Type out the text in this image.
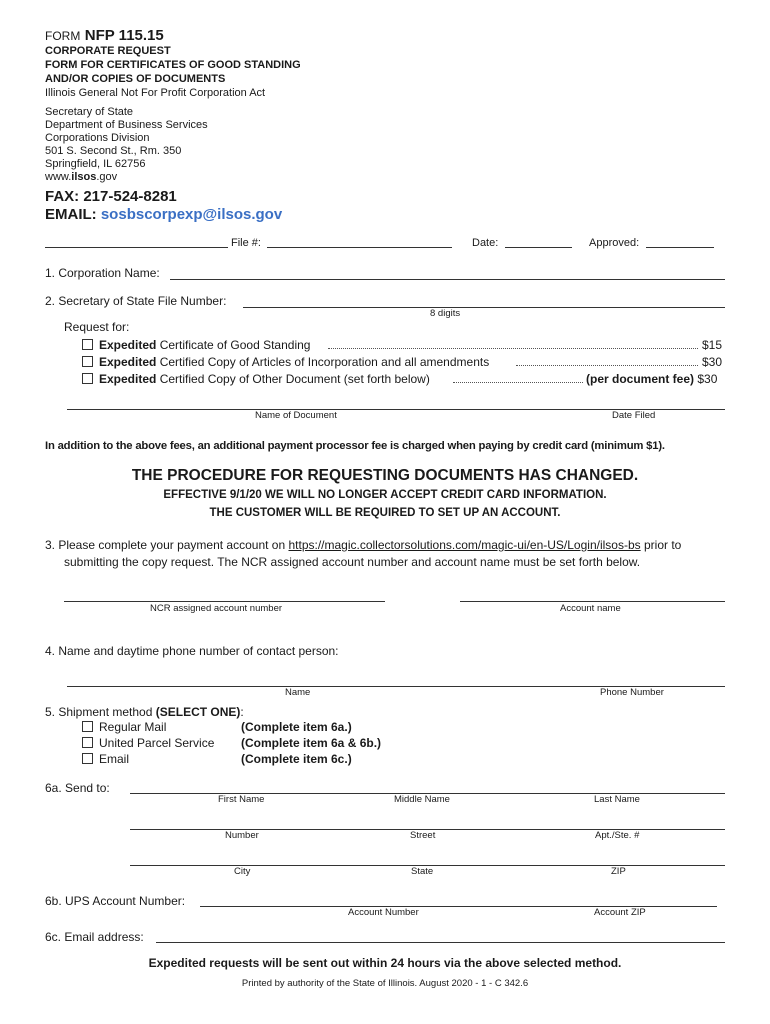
FORM NFP 115.15
CORPORATE REQUEST
FORM FOR CERTIFICATES OF GOOD STANDING
AND/OR COPIES OF DOCUMENTS
Illinois General Not For Profit Corporation Act
Secretary of State
Department of Business Services
Corporations Division
501 S. Second St., Rm. 350
Springfield, IL 62756
www.ilsos.gov
FAX: 217-524-8281
EMAIL: sosbscorpexp@ilsos.gov
File #:	Date:	Approved:
1. Corporation Name:
2. Secretary of State File Number:
8 digits
Request for:
Expedited Certificate of Good Standing	$15
Expedited Certified Copy of Articles of Incorporation and all amendments	$30
Expedited Certified Copy of Other Document (set forth below)	(per document fee) $30
Name of Document	Date Filed
In addition to the above fees, an additional payment processor fee is charged when paying by credit card (minimum $1).
THE PROCEDURE FOR REQUESTING DOCUMENTS HAS CHANGED.
EFFECTIVE 9/1/20 WE WILL NO LONGER ACCEPT CREDIT CARD INFORMATION.
THE CUSTOMER WILL BE REQUIRED TO SET UP AN ACCOUNT.
3. Please complete your payment account on https://magic.collectorsolutions.com/magic-ui/en-US/Login/ilsos-bs prior to
submitting the copy request. The NCR assigned account number and account name must be set forth below.
NCR assigned account number	Account name
4. Name and daytime phone number of contact person:
Name	Phone Number
5. Shipment method (SELECT ONE):
Regular Mail	(Complete item 6a.)
United Parcel Service (Complete item 6a & 6b.)
Email	(Complete item 6c.)
6a. Send to:
First Name	Middle Name	Last Name
Number	Street	Apt./Ste. #
City	State	ZIP
6b. UPS Account Number:
Account Number	Account ZIP
6c. Email address:
Expedited requests will be sent out within 24 hours via the above selected method.
Printed by authority of the State of Illinois. August 2020 - 1 - C 342.6
